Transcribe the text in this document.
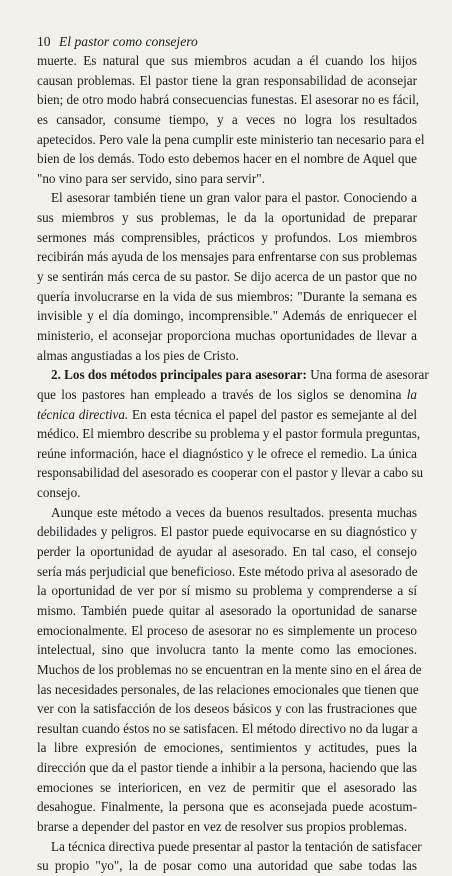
10 El pastor como consejero
muerte. Es natural que sus miembros acudan a él cuando los hijos
causan problemas. El pastor tiene la gran responsabilidad de aconsejar
bien; de otro modo habrá consecuencias funestas. El asesorar no es fácil,
es cansador, consume tiempo, y a veces no logra los resultados
apetecidos. Pero vale la pena cumplir este ministerio tan necesario para el
bien de los demás. Todo esto debemos hacer en el nombre de Aquel que
"no vino para ser servido, sino para servir".
El asesorar también tiene un gran valor para el pastor. Conociendo a
sus miembros y sus problemas, le da la oportunidad de preparar
sermones más comprensibles, prácticos y profundos. Los miembros
recibirán más ayuda de los mensajes para enfrentarse con sus problemas
y se sentirán más cerca de su pastor. Se dijo acerca de un pastor que no
quería involucrarse en la vida de sus miembros: "Durante la semana es
invisible y el día domingo, incomprensible." Además de enriquecer el
ministerio, el aconsejar proporciona muchas oportunidades de llevar a
almas angustiadas a los pies de Cristo.
2. Los dos métodos principales para asesorar: Una forma de asesorar
que los pastores han empleado a través de los siglos se denomina la
técnica directiva. En esta técnica el papel del pastor es semejante al del
médico. El miembro describe su problema y el pastor formula preguntas,
reúne información, hace el diagnóstico y le ofrece el remedio. La única
responsabilidad del asesorado es cooperar con el pastor y llevar a cabo su
consejo.
Aunque este método a veces da buenos resultados. presenta muchas
debilidades y peligros. El pastor puede equivocarse en su diagnóstico y
perder la oportunidad de ayudar al asesorado. En tal caso, el consejo
sería más perjudicial que beneficioso. Este método priva al asesorado de
la oportunidad de ver por sí mismo su problema y comprenderse a sí
mismo. También puede quitar al asesorado la oportunidad de sanarse
emocionalmente. El proceso de asesorar no es simplemente un proceso
intelectual, sino que involucra tanto la mente como las emociones.
Muchos de los problemas no se encuentran en la mente sino en el área de
las necesidades personales, de las relaciones emocionales que tienen que
ver con la satisfacción de los deseos básicos y con las frustraciones que
resultan cuando éstos no se satisfacen. El método directivo no da lugar a
la libre expresión de emociones, sentimientos y actitudes, pues la
dirección que da el pastor tiende a inhibir a la persona, haciendo que las
emociones se interioricen, en vez de permitir que el asesorado las
desahogue. Finalmente, la persona que es aconsejada puede acostum-
brarse a depender del pastor en vez de resolver sus propios problemas.
La técnica directiva puede presentar al pastor la tentación de satisfacer
su propio "yo", la de posar como una autoridad que sabe todas las
